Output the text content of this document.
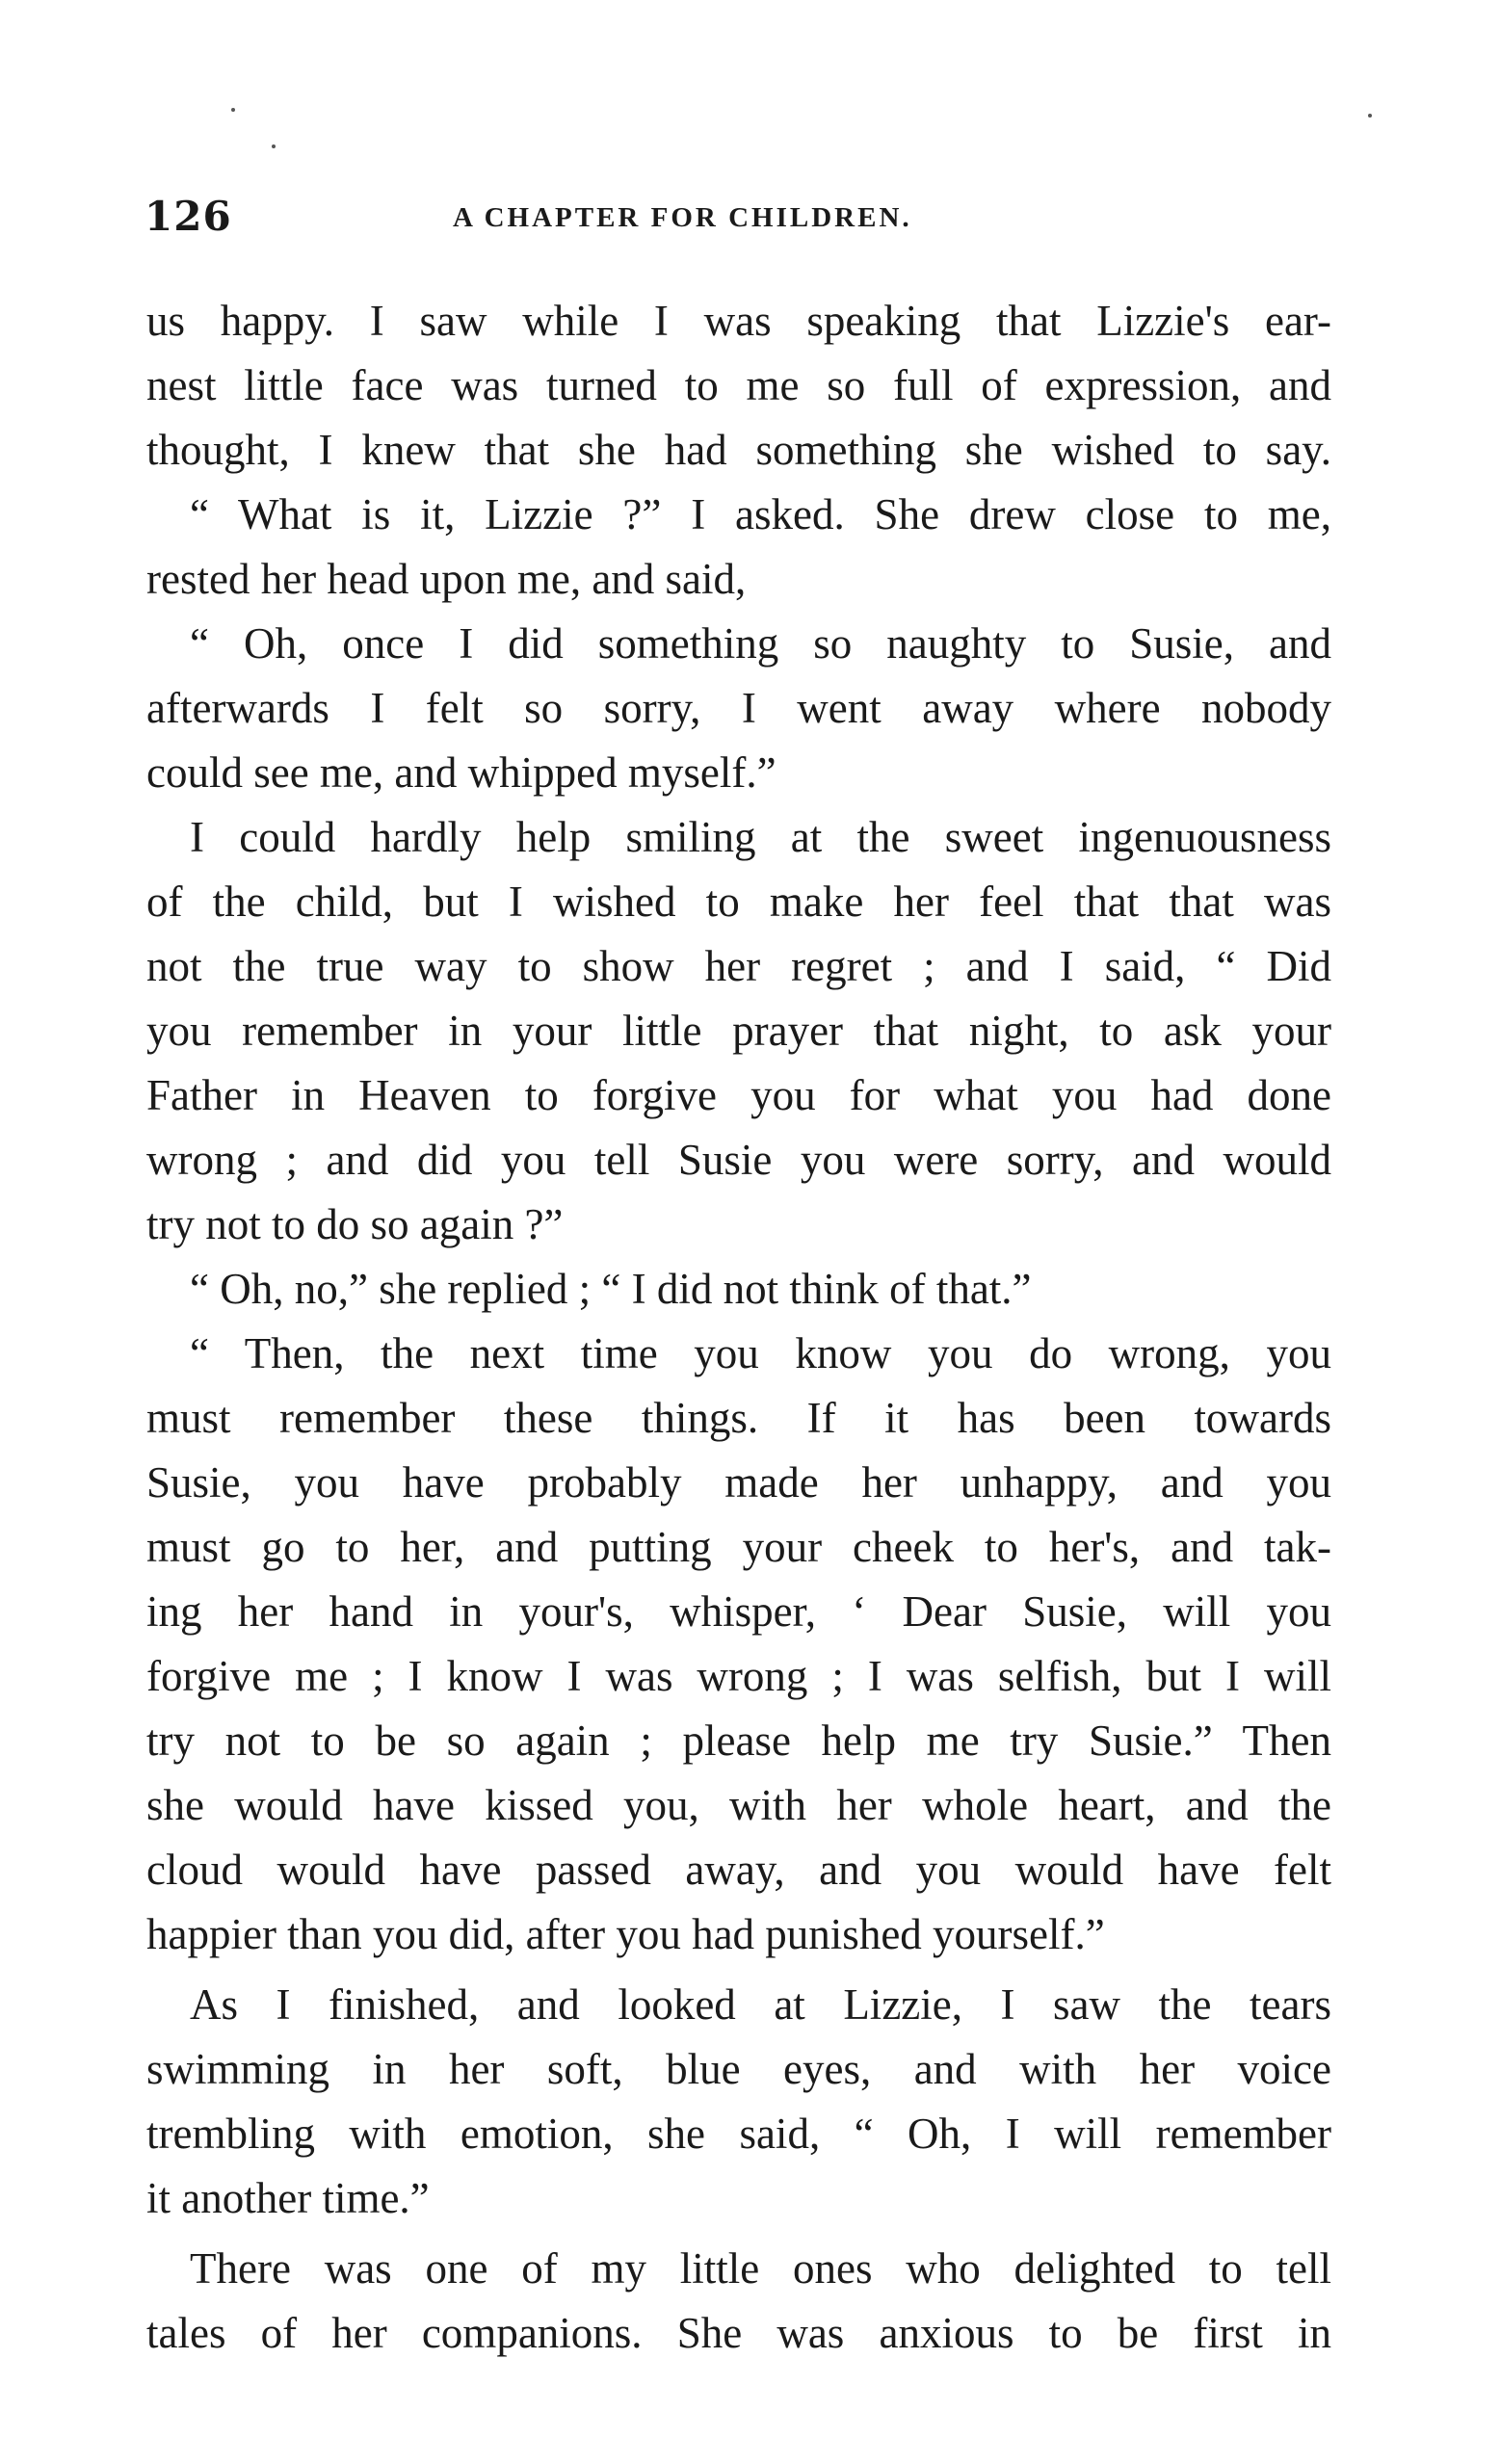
126	A CHAPTER FOR CHILDREN.
us happy. I saw while I was speaking that Lizzie's ear-
nest little face was turned to me so full of expression, and
thought, I knew that she had something she wished to say.
“ What is it, Lizzie ?” I asked. She drew close to me,
rested her head upon me, and said,
“ Oh, once I did something so naughty to Susie, and
afterwards I felt so sorry, I went away where nobody
could see me, and whipped myself.”
I could hardly help smiling at the sweet ingenuousness
of the child, but I wished to make her feel that that was
not the true way to show her regret ; and I said, “ Did
you remember in your little prayer that night, to ask your
Father in Heaven to forgive you for what you had done
wrong ; and did you tell Susie you were sorry, and would
try not to do so again ?”
“ Oh, no,” she replied ; “ I did not think of that.”
“ Then, the next time you know you do wrong, you
must remember these things. If it has been towards
Susie, you have probably made her unhappy, and you
must go to her, and putting your cheek to her's, and tak-
ing her hand in your's, whisper, ‘ Dear Susie, will you
forgive me ; I know I was wrong ; I was selfish, but I will
try not to be so again ; please help me try Susie.” Then
she would have kissed you, with her whole heart, and the
cloud would have passed away, and you would have felt
happier than you did, after you had punished yourself.”
As I finished, and looked at Lizzie, I saw the tears
swimming in her soft, blue eyes, and with her voice
trembling with emotion, she said, “ Oh, I will remember
it another time.”
There was one of my little ones who delighted to tell
tales of her companions. She was anxious to be first in
